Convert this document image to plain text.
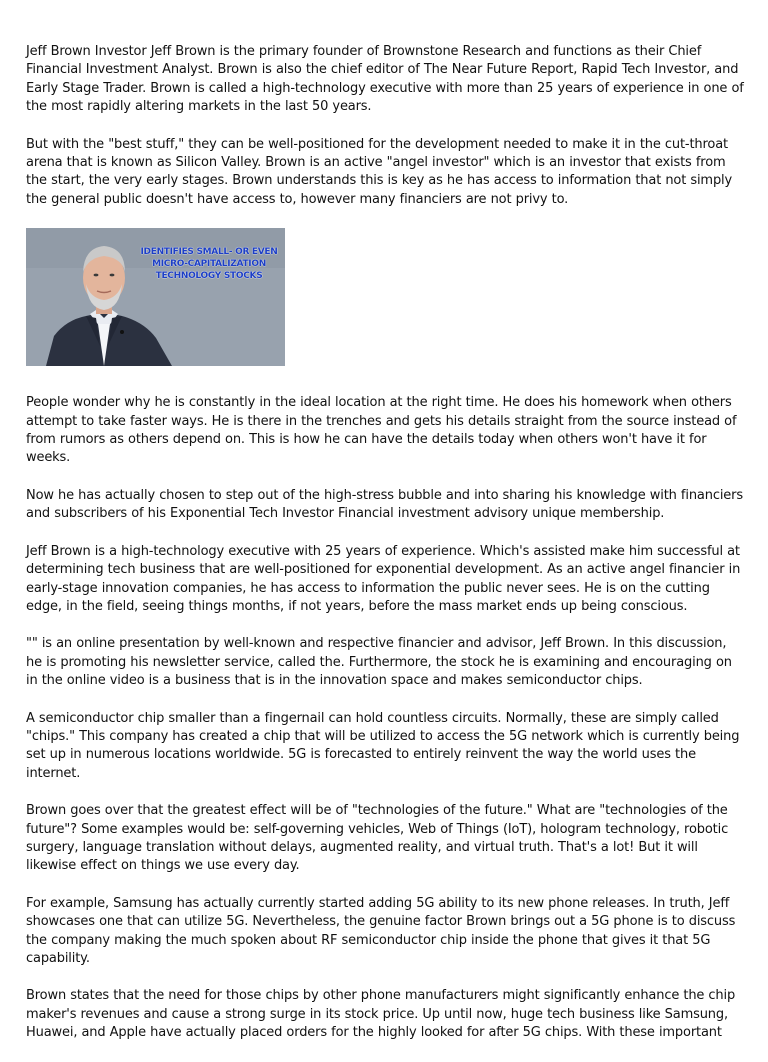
Jeff Brown Investor Jeff Brown is the primary founder of Brownstone Research and functions as their Chief Financial Investment Analyst. Brown is also the chief editor of The Near Future Report, Rapid Tech Investor, and Early Stage Trader. Brown is called a high-technology executive with more than 25 years of experience in one of the most rapidly altering markets in the last 50 years.

But with the "best stuff," they can be well-positioned for the development needed to make it in the cut-throat arena that is known as Silicon Valley. Brown is an active "angel investor" which is an investor that exists from the start, the very early stages. Brown understands this is key as he has access to information that not simply the general public doesn't have access to, however many financiers are not privy to.

IDENTIFIES SMALL- OR EVEN MICRO-CAPITALIZATION TECHNOLOGY STOCKS

People wonder why he is constantly in the ideal location at the right time. He does his homework when others attempt to take faster ways. He is there in the trenches and gets his details straight from the source instead of from rumors as others depend on. This is how he can have the details today when others won't have it for weeks.

Now he has actually chosen to step out of the high-stress bubble and into sharing his knowledge with financiers and subscribers of his Exponential Tech Investor Financial investment advisory unique membership.

Jeff Brown is a high-technology executive with 25 years of experience. Which's assisted make him successful at determining tech business that are well-positioned for exponential development. As an active angel financier in early-stage innovation companies, he has access to information the public never sees. He is on the cutting edge, in the field, seeing things months, if not years, before the mass market ends up being conscious.

"" is an online presentation by well-known and respective financier and advisor, Jeff Brown. In this discussion, he is promoting his newsletter service, called the. Furthermore, the stock he is examining and encouraging on in the online video is a business that is in the innovation space and makes semiconductor chips.

A semiconductor chip smaller than a fingernail can hold countless circuits. Normally, these are simply called "chips." This company has created a chip that will be utilized to access the 5G network which is currently being set up in numerous locations worldwide. 5G is forecasted to entirely reinvent the way the world uses the internet.

Brown goes over that the greatest effect will be of "technologies of the future." What are "technologies of the future"? Some examples would be: self-governing vehicles, Web of Things (IoT), hologram technology, robotic surgery, language translation without delays, augmented reality, and virtual truth. That's a lot! But it will likewise effect on things we use every day.

For example, Samsung has actually currently started adding 5G ability to its new phone releases. In truth, Jeff showcases one that can utilize 5G. Nevertheless, the genuine factor Brown brings out a 5G phone is to discuss the company making the much spoken about RF semiconductor chip inside the phone that gives it that 5G capability.

Brown states that the need for those chips by other phone manufacturers might significantly enhance the chip maker's revenues and cause a strong surge in its stock price. Up until now, huge tech business like Samsung, Huawei, and Apple have actually placed orders for the highly looked for after 5G chips. With these important
